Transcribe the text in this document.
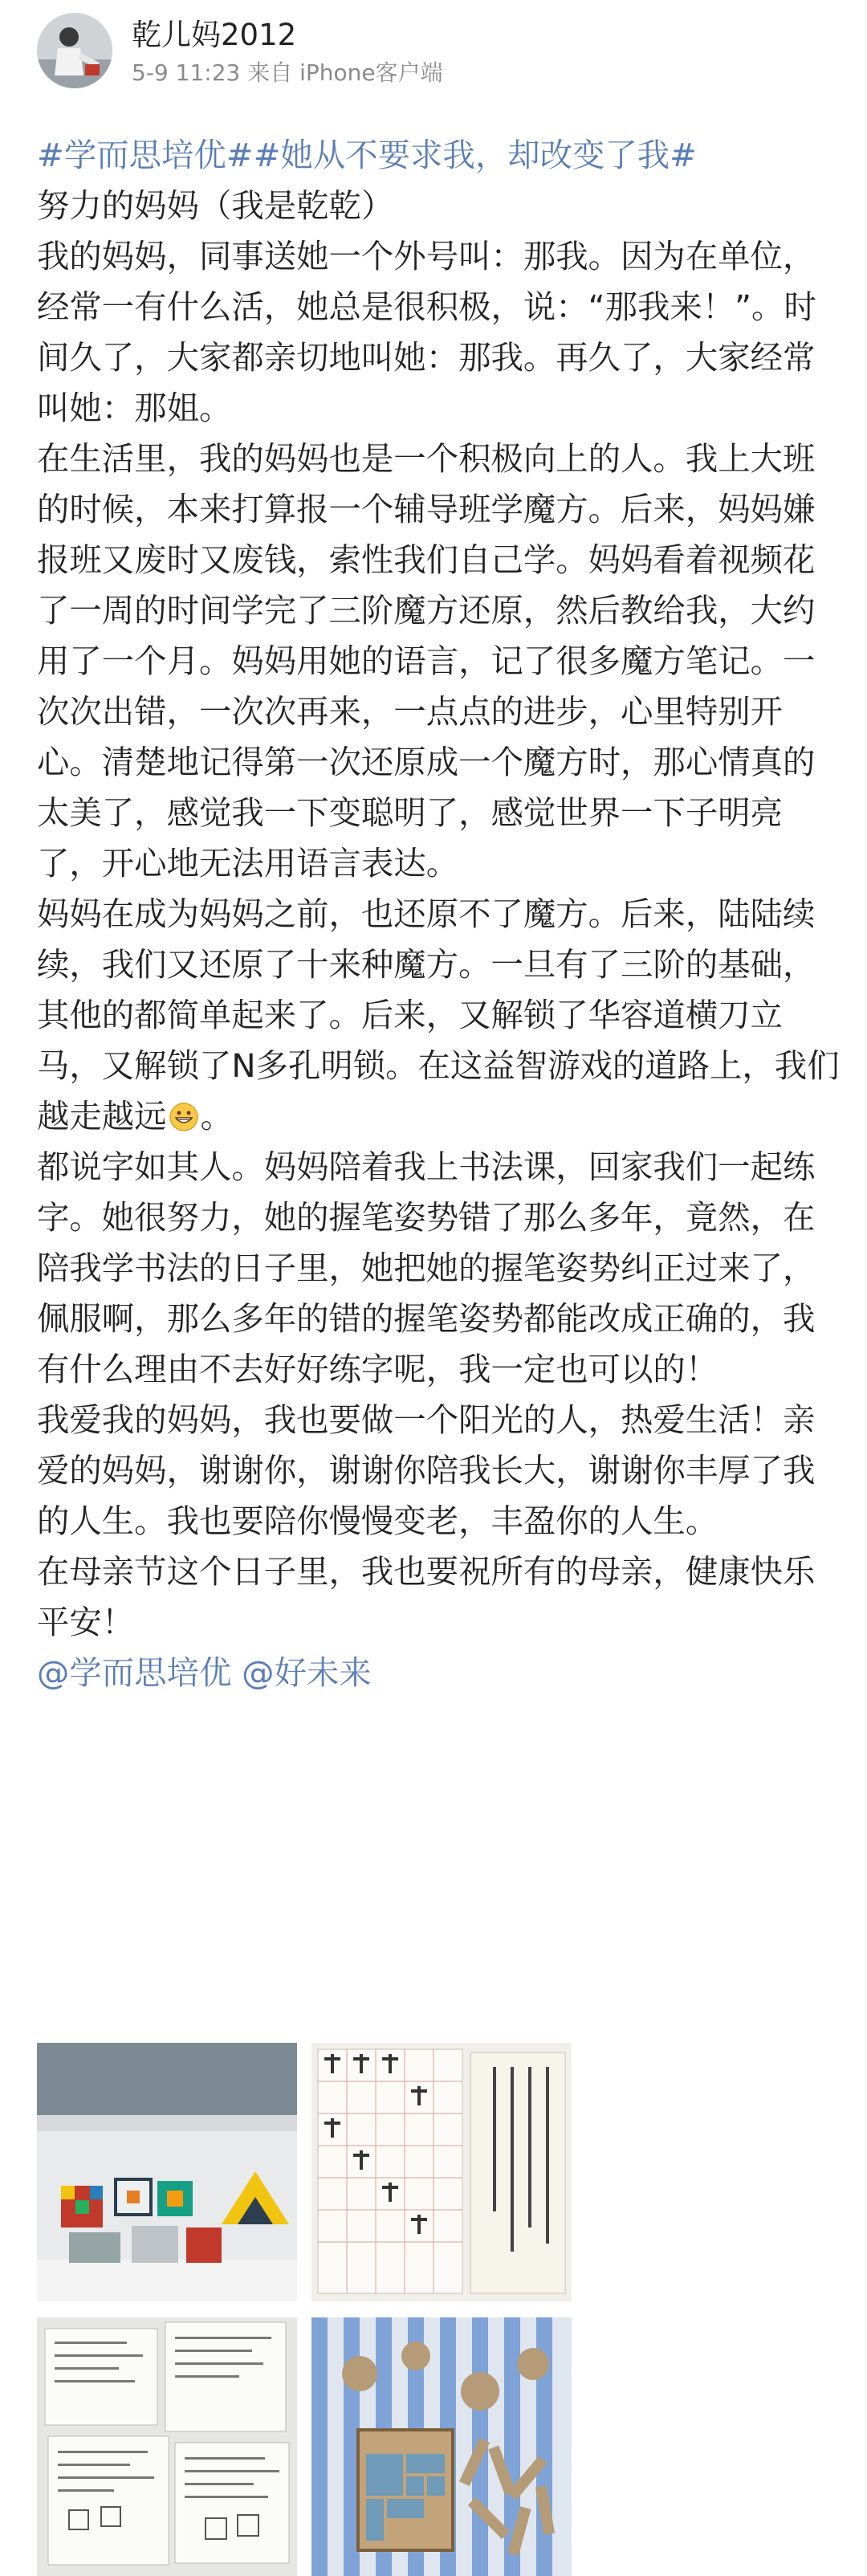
乾儿妈2012
5-9 11:23 来自 iPhone客户端

#学而思培优##她从不要求我，却改变了我#

努力的妈妈（我是乾乾）

我的妈妈，同事送她一个外号叫：那我。因为在单位，经常一有什么活，她总是很积极，说：“那我来！”。时间久了，大家都亲切地叫她：那我。再久了，大家经常叫她：那姐。

在生活里，我的妈妈也是一个积极向上的人。我上大班的时候，本来打算报一个辅导班学魔方。后来，妈妈嫌报班又废时又废钱，索性我们自己学。妈妈看着视频花了一周的时间学完了三阶魔方还原，然后教给我，大约用了一个月。妈妈用她的语言，记了很多魔方笔记。一次次出错，一次次再来，一点点的进步，心里特别开心。清楚地记得第一次还原成一个魔方时，那心情真的太美了，感觉我一下变聪明了，感觉世界一下子明亮了，开心地无法用语言表达。

妈妈在成为妈妈之前，也还原不了魔方。后来，陆陆续续，我们又还原了十来种魔方。一旦有了三阶的基础，其他的都简单起来了。后来，又解锁了华容道横刀立马，又解锁了N多孔明锁。在这益智游戏的道路上，我们越走越远 。

都说字如其人。妈妈陪着我上书法课，回家我们一起练字。她很努力，她的握笔姿势错了那么多年，竟然，在陪我学书法的日子里，她把她的握笔姿势纠正过来了，佩服啊，那么多年的错的握笔姿势都能改成正确的，我有什么理由不去好好练字呢，我一定也可以的！

我爱我的妈妈，我也要做一个阳光的人，热爱生活！亲爱的妈妈，谢谢你，谢谢你陪我长大，谢谢你丰厚了我的人生。我也要陪你慢慢变老，丰盈你的人生。

在母亲节这个日子里，我也要祝所有的母亲，健康快乐平安！

@学而思培优 @好未来
